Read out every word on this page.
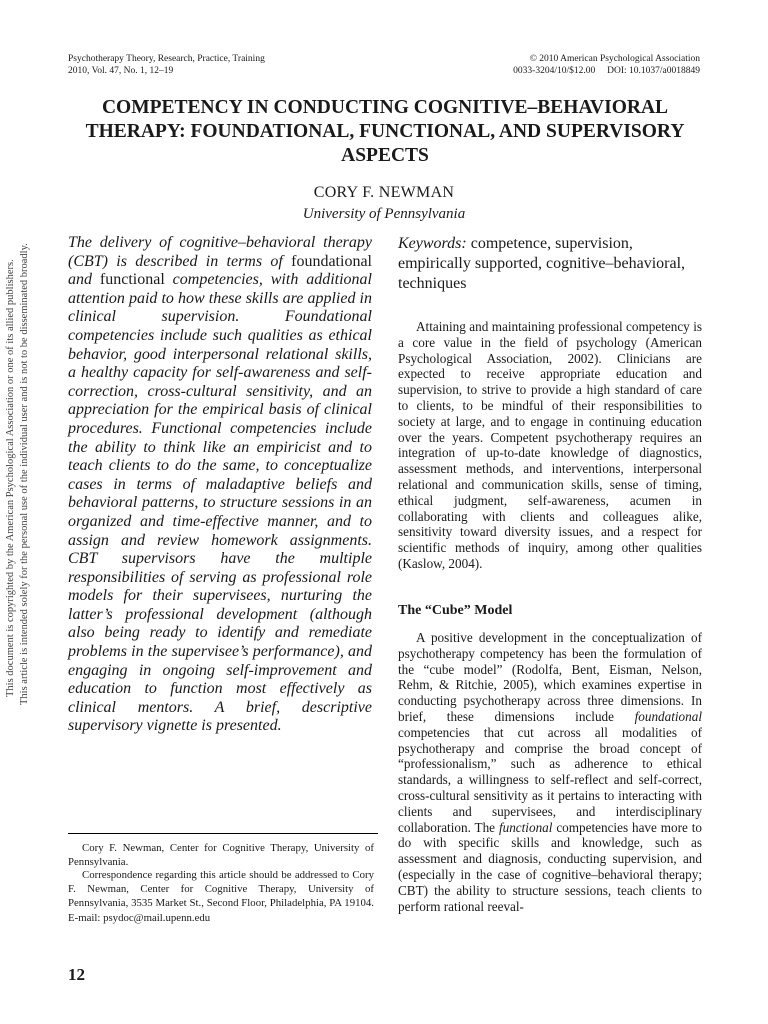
Psychotherapy Theory, Research, Practice, Training
2010, Vol. 47, No. 1, 12–19
© 2010 American Psychological Association
0033-3204/10/$12.00     DOI: 10.1037/a0018849
COMPETENCY IN CONDUCTING COGNITIVE–BEHAVIORAL THERAPY: FOUNDATIONAL, FUNCTIONAL, AND SUPERVISORY ASPECTS
CORY F. NEWMAN
University of Pennsylvania
This document is copyrighted by the American Psychological Association or one of its allied publishers. This article is intended solely for the personal use of the individual user and is not to be disseminated broadly.

The delivery of cognitive–behavioral therapy (CBT) is described in terms of foundational and functional competencies, with additional attention paid to how these skills are applied in clinical supervision. Foundational competencies include such qualities as ethical behavior, good interpersonal relational skills, a healthy capacity for self-awareness and self-correction, cross-cultural sensitivity, and an appreciation for the empirical basis of clinical procedures. Functional competencies include the ability to think like an empiricist and to teach clients to do the same, to conceptualize cases in terms of maladaptive beliefs and behavioral patterns, to structure sessions in an organized and time-effective manner, and to assign and review homework assignments. CBT supervisors have the multiple responsibilities of serving as professional role models for their supervisees, nurturing the latter’s professional development (although also being ready to identify and remediate problems in the supervisee’s performance), and engaging in ongoing self-improvement and education to function most effectively as clinical mentors. A brief, descriptive supervisory vignette is presented.

Keywords: competence, supervision, empirically supported, cognitive–behavioral, techniques

Attaining and maintaining professional competency is a core value in the field of psychology (American Psychological Association, 2002). Clinicians are expected to receive appropriate education and supervision, to strive to provide a high standard of care to clients, to be mindful of their responsibilities to society at large, and to engage in continuing education over the years. Competent psychotherapy requires an integration of up-to-date knowledge of diagnostics, assessment methods, and interventions, interpersonal relational and communication skills, sense of timing, ethical judgment, self-awareness, acumen in collaborating with clients and colleagues alike, sensitivity toward diversity issues, and a respect for scientific methods of inquiry, among other qualities (Kaslow, 2004).

The “Cube” Model

A positive development in the conceptualization of psychotherapy competency has been the formulation of the “cube model” (Rodolfa, Bent, Eisman, Nelson, Rehm, & Ritchie, 2005), which examines expertise in conducting psychotherapy across three dimensions. In brief, these dimensions include foundational competencies that cut across all modalities of psychotherapy and comprise the broad concept of “professionalism,” such as adherence to ethical standards, a willingness to self-reflect and self-correct, cross-cultural sensitivity as it pertains to interacting with clients and supervisees, and interdisciplinary collaboration. The functional competencies have more to do with specific skills and knowledge, such as assessment and diagnosis, conducting supervision, and (especially in the case of cognitive–behavioral therapy; CBT) the ability to structure sessions, teach clients to perform rational reeval-

Cory F. Newman, Center for Cognitive Therapy, University of Pennsylvania.

Correspondence regarding this article should be addressed to Cory F. Newman, Center for Cognitive Therapy, University of Pennsylvania, 3535 Market St., Second Floor, Philadelphia, PA 19104. E-mail: psydoc@mail.upenn.edu

12
